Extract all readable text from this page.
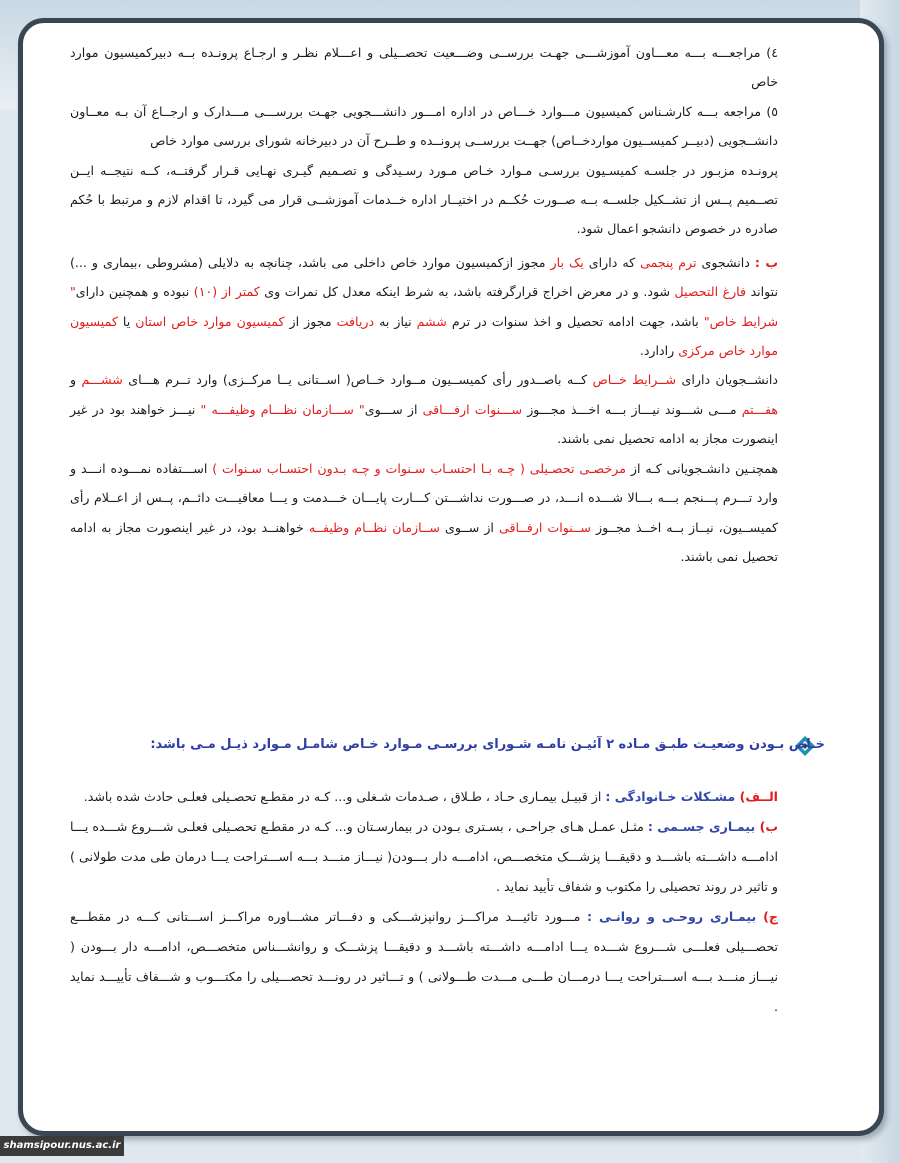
٤) مراجعـــه بـــه معـــاون آموزشـــی جهـت بررســی وضـــعیت تحصــیلی و اعـــلام نظـر و ارجـاع پرونـده بــه دبیرکمیسیون موارد خاص

٥) مراجعه بـــه کارشـناس کمیسیون مـــوارد خـــاص در اداره امـــور دانشـــجویی جهـت بررســـی مـــدارک و ارجــاع آن بـه معــاون دانشــجویی (دبیــر کمیســیون مواردخــاص) جهــت بررســی پرونــده و طــرح آن در دبیرخانه شورای بررسی موارد خاص

پرونـده مزبـور در جلسـه کمیسـیون بررسـی مـوارد خـاص مـورد رسـیدگی و تصـمیم گیـری نهـایی قـرار گرفتــه، کــه نتیجــه ایــن تصــمیم پــس از تشــکیل جلســه بــه صــورت حُکــم در اختیــار اداره خــدمات آموزشــی قرار می گیرد، تا اقدام لازم و مرتبط با حُکم صادره در خصوص دانشجو اعمال شود.

ب : دانشجوی ترم پنجمی که دارای یک بار مجوز ازکمیسیون موارد خاص داخلی می باشد، چنانچه به دلایلی (مشروطی ،بیماری و ...) نتواند فارغ التحصیل شود. و در معرض اخراج قرارگرفته باشد، به شرط اینکه معدل کل نمرات وی کمتر از (۱۰) نبوده و همچنین دارای" شرایط خاص" باشد، جهت ادامه تحصیل و اخذ سنوات در ترم ششم نیاز به دریافت مجوز از کمیسیون موارد خاص استان یا کمیسیون موارد خاص مرکزی رادارد.

دانشــجویان دارای شــرایط خــاص کــه باصــدور رأی کمیســیون مــوارد خــاص( اســتانی یــا مرکــزی) وارد تــرم هـــای ششـــم و هفـــتم مـــی شـــوند نیـــاز بـــه اخـــذ مجـــوز ســـنوات ارفـــاقی از ســـوی" ســـازمان نظـــام وظیفـــه " نیـــز خواهند بود در غیر اینصورت مجاز به ادامه تحصیل نمی باشند.

همچنـین دانشـجویانی کـه از مرخصـی تحصـیلی ( چـه بـا احتسـاب سـنوات و چـه بـدون احتسـاب سـنوات ) اســـتفاده نمـــوده انـــد و وارد تـــرم پـــنجم بـــه بـــالا شـــده انـــد، در صـــورت نداشـــتن کـــارت پایـــان خـــدمت و یـــا معافیـــت دائــم، پــس از اعــلام رأی کمیســیون، نیــاز بــه اخــذ مجــوز ســنوات ارفــاقی از ســوی ســازمان نظــام وظیفــه خواهنــد بود، در غیر اینصورت مجاز به ادامه تحصیل نمی باشند.

خـاص بـودن وضعیـت طبـق مـاده ۲ آئیـن نامـه شـورای بررسـی مـوارد خـاص شامـل مـوارد ذیـل مـی باشد:

الــف) مشـکلات خـانوادگی : از قبیـل بیمـاری حـاد ، طـلاق ، صـدمات شـغلی و... کـه در مقطـع تحصـیلی فعلـی حادث شده باشد.

ب) بیمـاری جسـمی : مثـل عمـل هـای جراحـی ، بسـتری بـودن در بیمارسـتان و... کـه در مقطـع تحصـیلی فعلـی شـــروع شـــده یـــا ادامـــه داشـــته باشـــد و دقیقـــا پزشـــک متخصـــص، ادامـــه دار بـــودن( نیـــاز منـــد بـــه اســـتراحت یـــا درمان طی مدت طولانی ) و تاثیر در روند تحصیلی را مکتوب و شفاف تأیید نماید .

ج) بیمـاری روحـی و روانـی : مـــورد تائیـــد مراکـــز روانپزشـــکی و دفـــاتر مشـــاوره مراکـــز اســـتانی کـــه در مقطـــع تحصـــیلی فعلـــی شـــروع شـــده یـــا ادامـــه داشـــته باشـــد و دقیقـــا پزشـــک و روانشـــناس متخصـــص، ادامـــه دار بـــودن ( نیـــاز منـــد بـــه اســـتراحت یـــا درمـــان طـــی مـــدت طـــولانی ) و تـــاثیر در رونـــد تحصـــیلی را مکتـــوب و شـــفاف تأییـــد نماید .

shamsipour.nus.ac.ir
